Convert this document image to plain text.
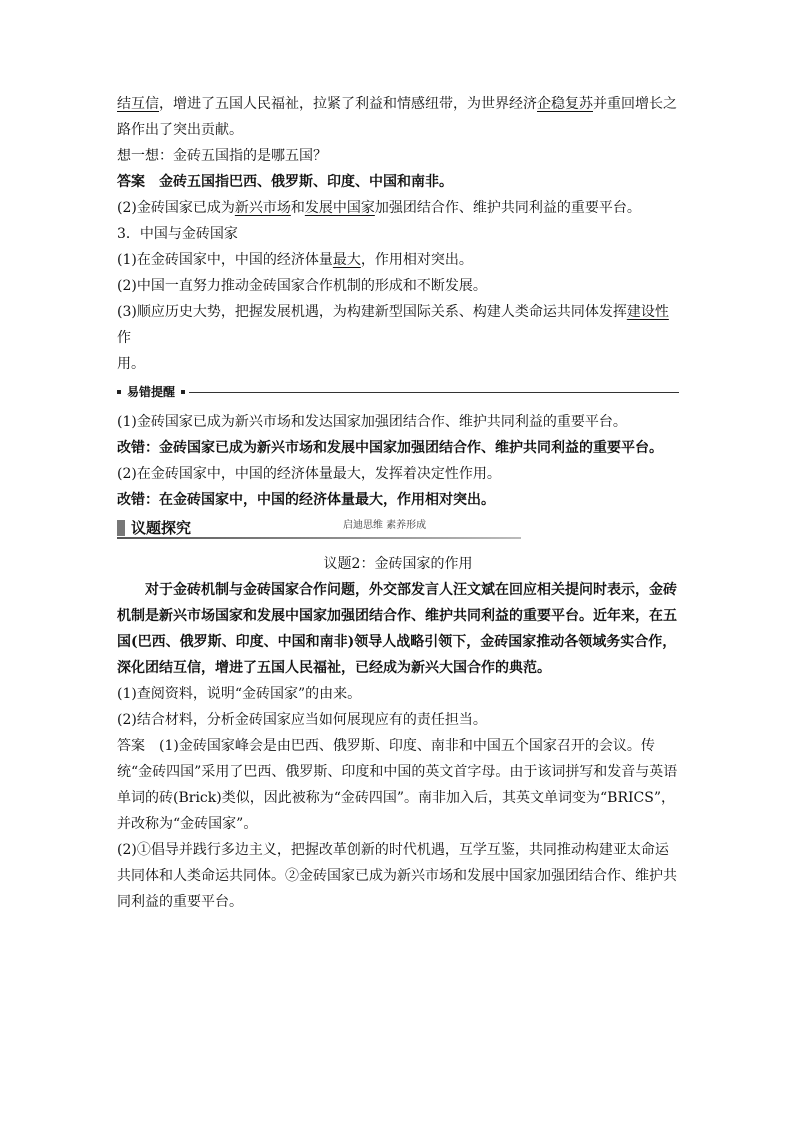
结互信，增进了五国人民福祉，拉紧了利益和情感纽带，为世界经济企稳复苏并重回增长之
路作出了突出贡献。

想一想：金砖五国指的是哪五国？

答案 金砖五国指巴西、俄罗斯、印度、中国和南非。

(2)金砖国家已成为新兴市场和发展中国家加强团结合作、维护共同利益的重要平台。

3．中国与金砖国家

(1)在金砖国家中，中国的经济体量最大，作用相对突出。

(2)中国一直努力推动金砖国家合作机制的形成和不断发展。

(3)顺应历史大势，把握发展机遇，为构建新型国际关系、构建人类命运共同体发挥建设性作
用。

易错提醒

(1)金砖国家已成为新兴市场和发达国家加强团结合作、维护共同利益的重要平台。

改错：金砖国家已成为新兴市场和发展中国家加强团结合作、维护共同利益的重要平台。

(2)在金砖国家中，中国的经济体量最大，发挥着决定性作用。

改错：在金砖国家中，中国的经济体量最大，作用相对突出。

议题探究	启迪思维 素养形成

议题2：金砖国家的作用

对于金砖机制与金砖国家合作问题，外交部发言人汪文斌在回应相关提问时表示，金砖机制是新兴市场国家和发展中国家加强团结合作、维护共同利益的重要平台。近年来，在五国(巴西、俄罗斯、印度、中国和南非)领导人战略引领下，金砖国家推动各领域务实合作，深化团结互信，增进了五国人民福祉，已经成为新兴大国合作的典范。

(1)查阅资料，说明“金砖国家”的由来。

(2)结合材料，分析金砖国家应当如何展现应有的责任担当。

答案 (1)金砖国家峰会是由巴西、俄罗斯、印度、南非和中国五个国家召开的会议。传统“金砖四国”采用了巴西、俄罗斯、印度和中国的英文首字母。由于该词拼写和发音与英语单词的砖(Brick)类似，因此被称为“金砖四国”。南非加入后，其英文单词变为“BRICS”，并改称为“金砖国家”。

(2)①倡导并践行多边主义，把握改革创新的时代机遇，互学互鉴，共同推动构建亚太命运共同体和人类命运共同体。②金砖国家已成为新兴市场和发展中国家加强团结合作、维护共同利益的重要平台。
